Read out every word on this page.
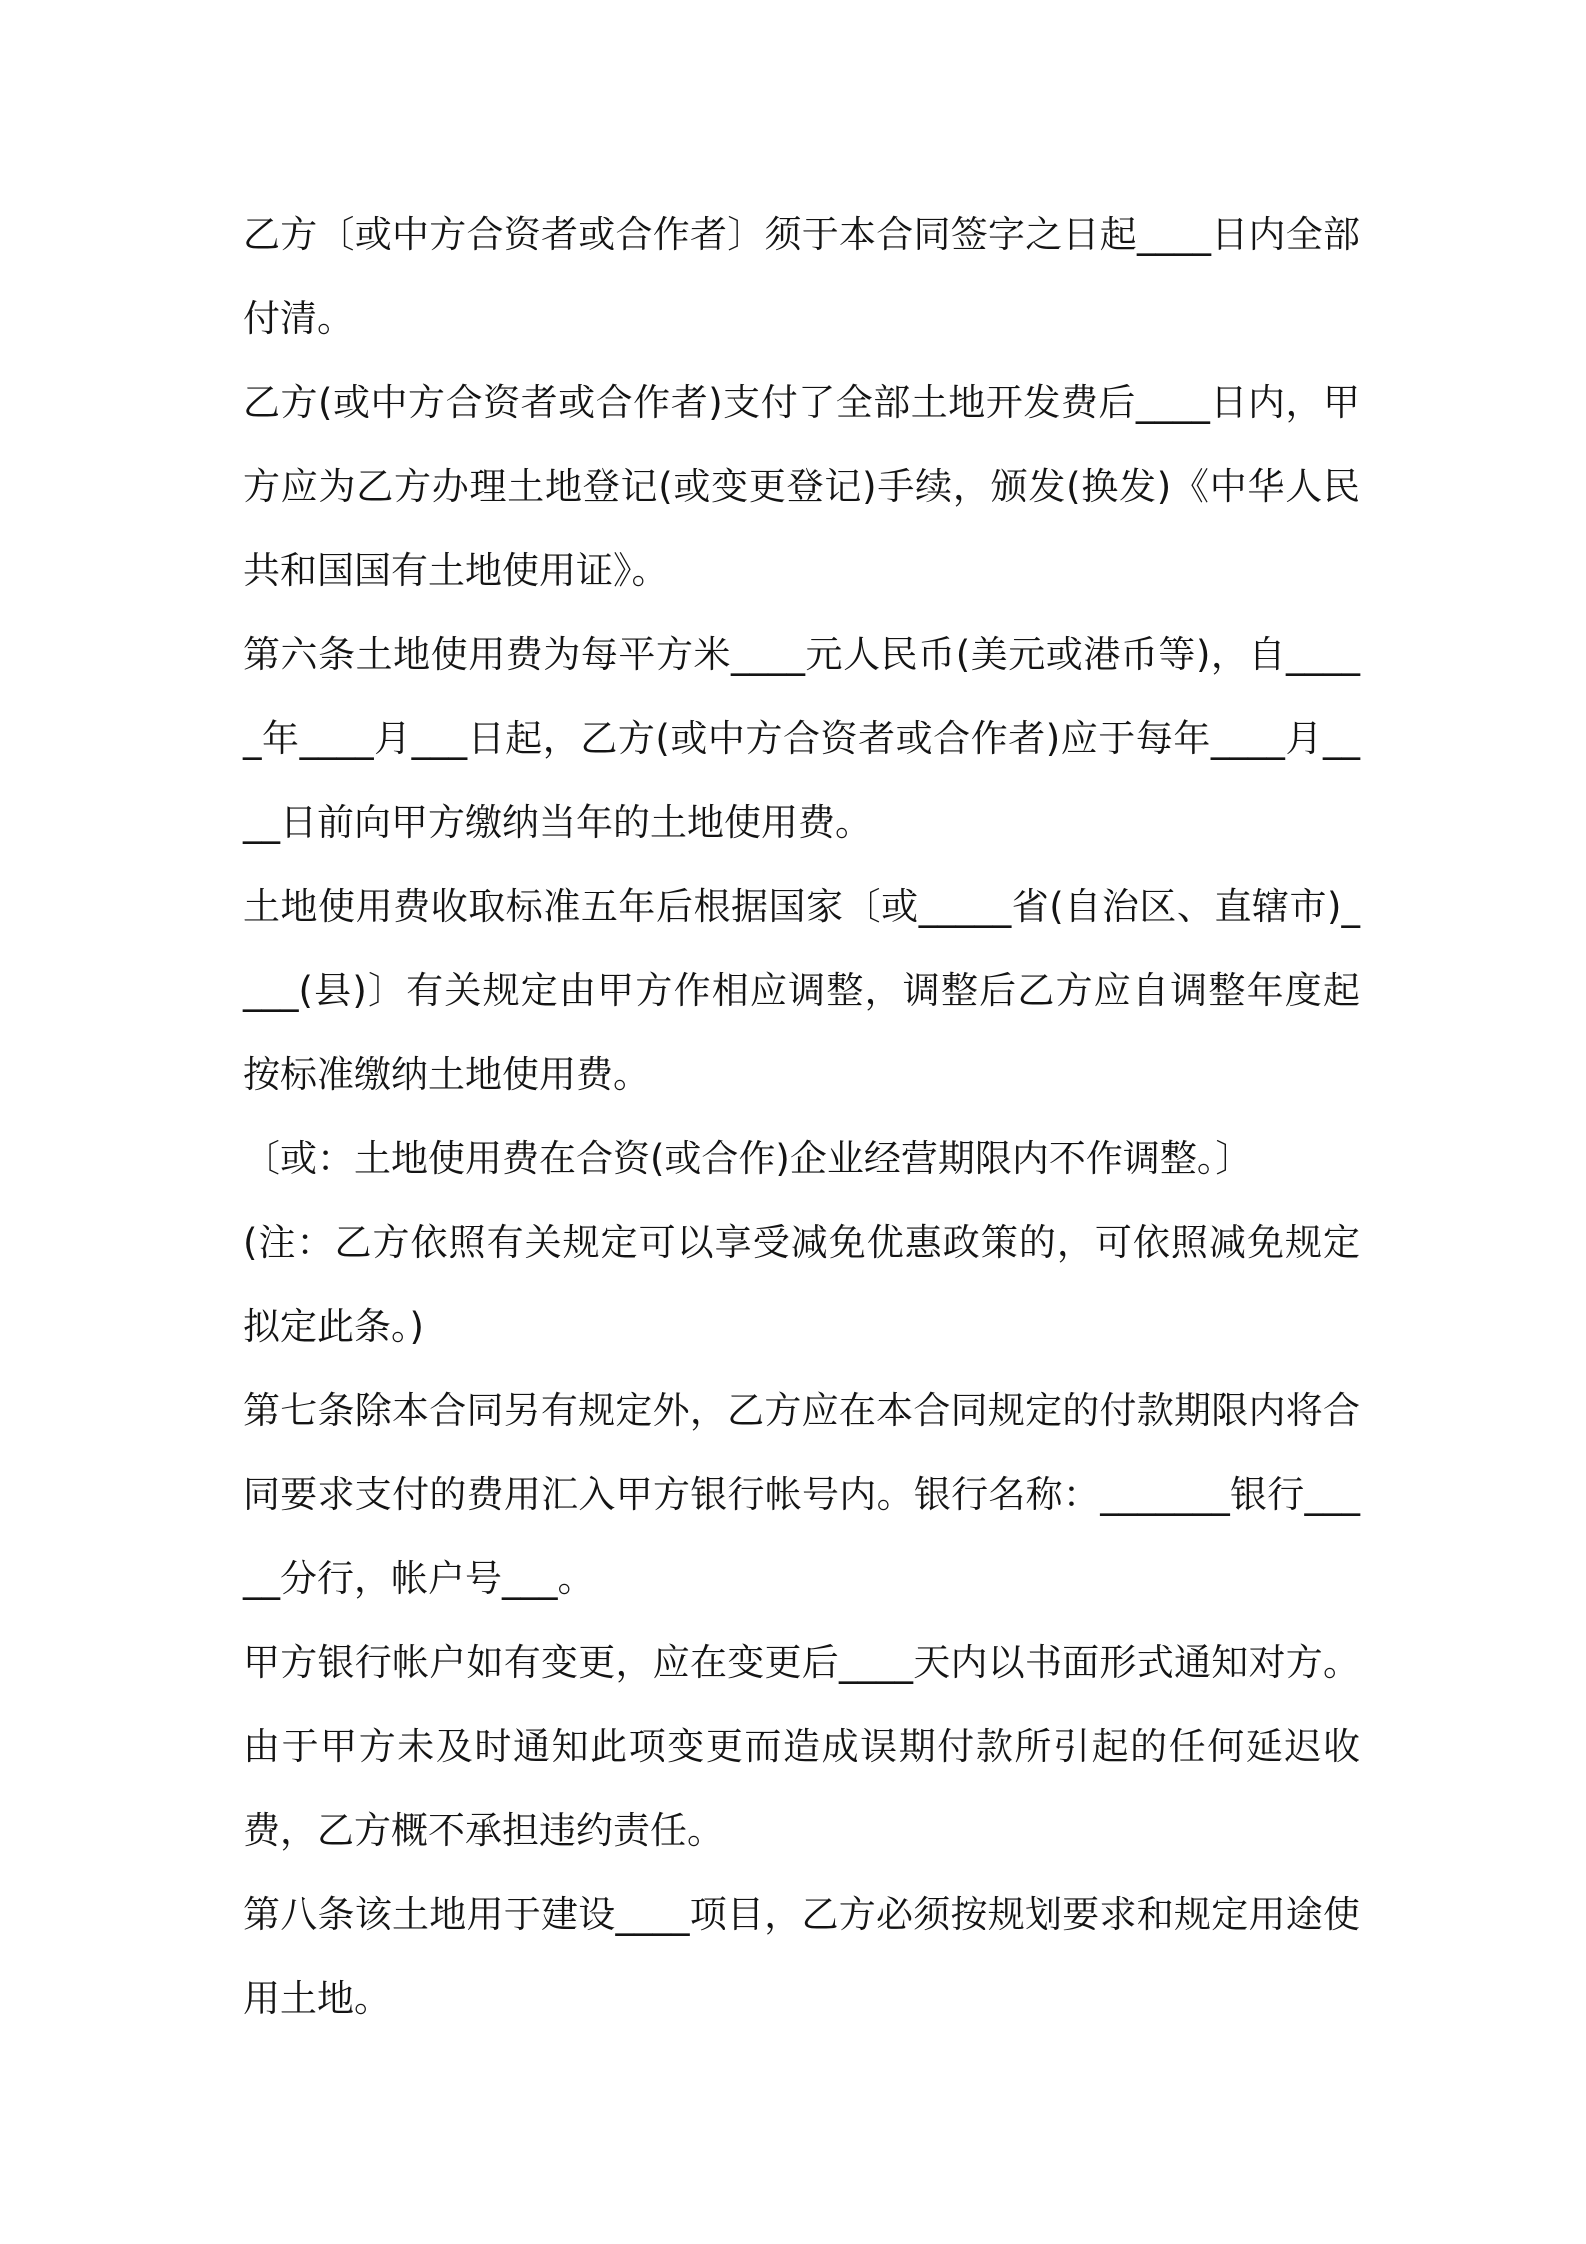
乙方〔或中方合资者或合作者〕须于本合同签字之日起____日内全部付清。

乙方(或中方合资者或合作者)支付了全部土地开发费后____日内，甲方应为乙方办理土地登记(或变更登记)手续，颁发(换发)《中华人民共和国国有土地使用证》。

第六条土地使用费为每平方米____元人民币(美元或港币等)，自_____年____月___日起，乙方(或中方合资者或合作者)应于每年____月____日前向甲方缴纳当年的土地使用费。

土地使用费收取标准五年后根据国家〔或_____省(自治区、直辖市)____(县)〕有关规定由甲方作相应调整，调整后乙方应自调整年度起按标准缴纳土地使用费。

〔或：土地使用费在合资(或合作)企业经营期限内不作调整。〕

(注：乙方依照有关规定可以享受减免优惠政策的，可依照减免规定拟定此条。)

第七条除本合同另有规定外，乙方应在本合同规定的付款期限内将合同要求支付的费用汇入甲方银行帐号内。银行名称：_______银行_____分行，帐户号___。

甲方银行帐户如有变更，应在变更后____天内以书面形式通知对方。由于甲方未及时通知此项变更而造成误期付款所引起的任何延迟收费，乙方概不承担违约责任。

第八条该土地用于建设____项目，乙方必须按规划要求和规定用途使用土地。
